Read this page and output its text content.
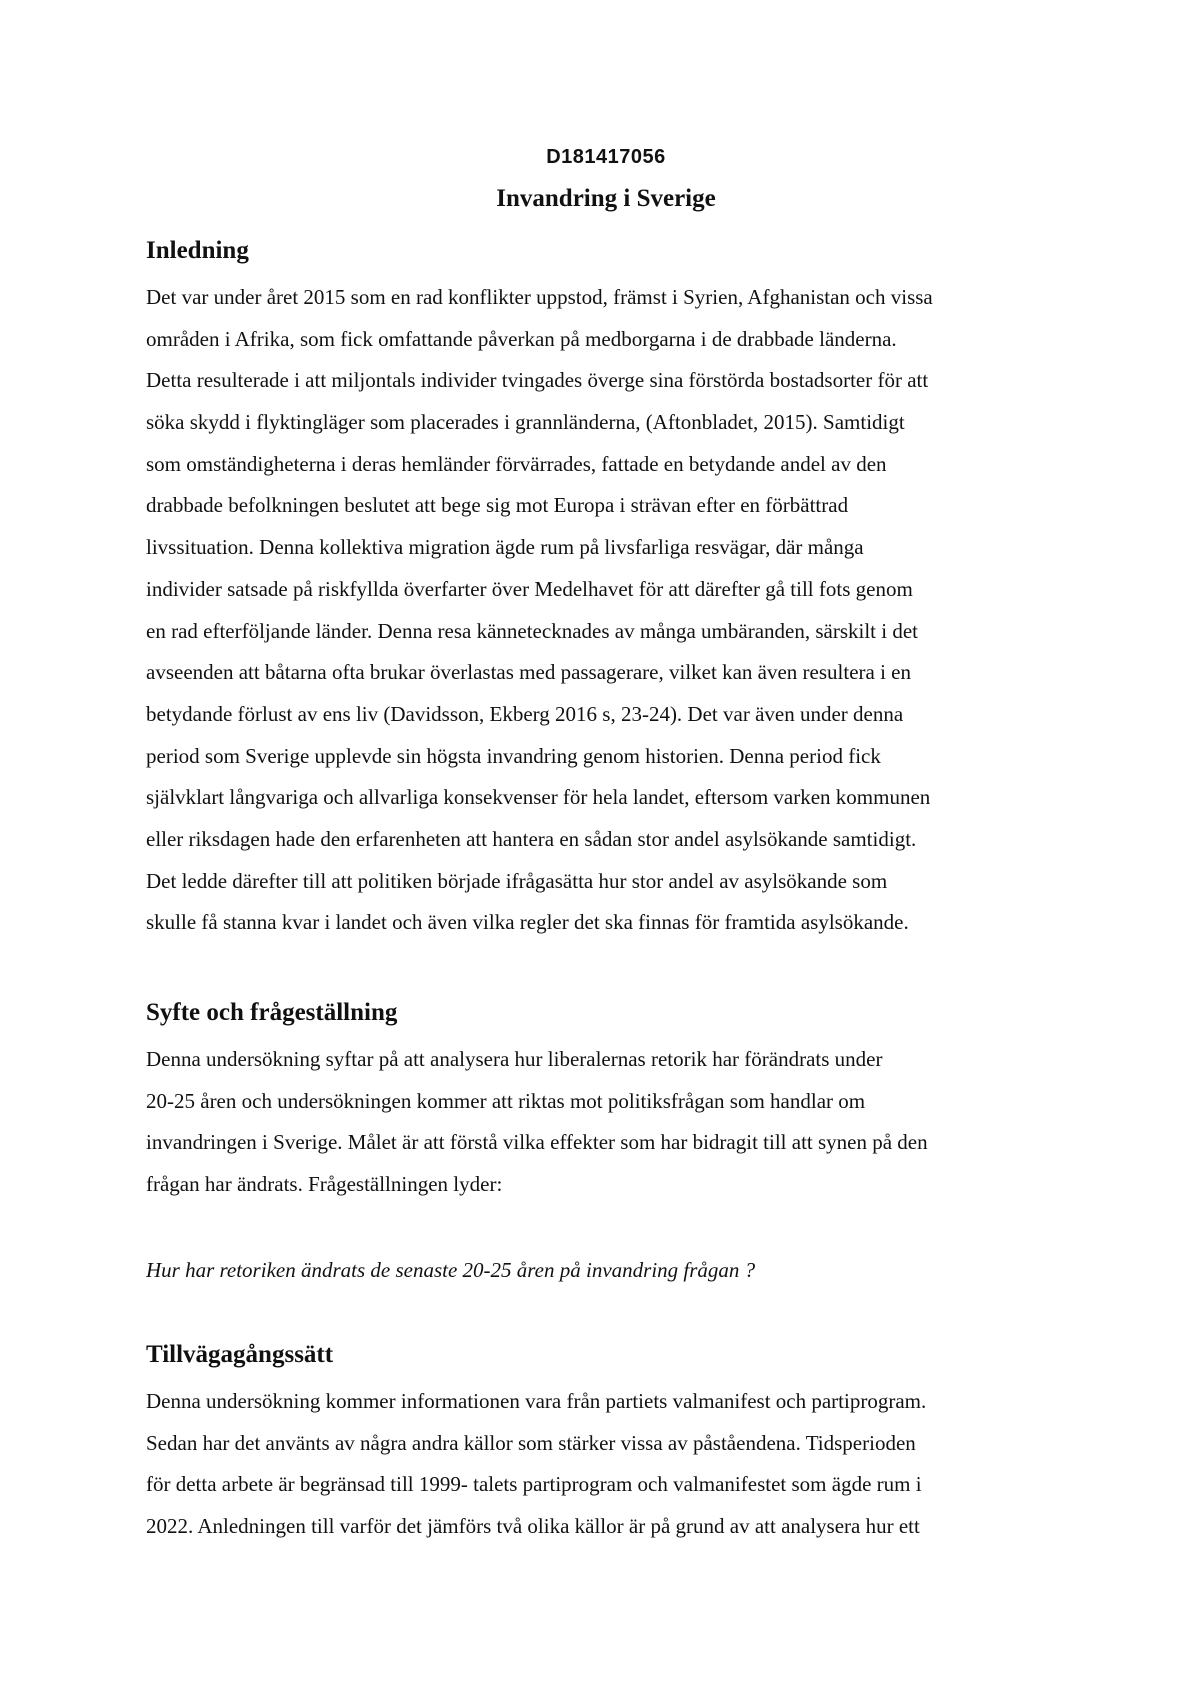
D181417056
Invandring i Sverige
Inledning
Det var under året 2015 som en rad konflikter uppstod, främst i Syrien, Afghanistan och vissa
områden i Afrika, som fick omfattande påverkan på medborgarna i de drabbade länderna.
Detta resulterade i att miljontals individer tvingades överge sina förstörda bostadsorter för att
söka skydd i flyktingläger som placerades i grannländerna, (Aftonbladet, 2015). Samtidigt
som omständigheterna i deras hemländer förvärrades, fattade en betydande andel av den
drabbade befolkningen beslutet att bege sig mot Europa i strävan efter en förbättrad
livssituation. Denna kollektiva migration ägde rum på livsfarliga resvägar, där många
individer satsade på riskfyllda överfarter över Medelhavet för att därefter gå till fots genom
en rad efterföljande länder. Denna resa kännetecknades av många umbäranden, särskilt i det
avseenden att båtarna ofta brukar överlastas med passagerare, vilket kan även resultera i en
betydande förlust av ens liv (Davidsson, Ekberg 2016 s, 23-24). Det var även under denna
period som Sverige upplevde sin högsta invandring genom historien. Denna period fick
självklart långvariga och allvarliga konsekvenser för hela landet, eftersom varken kommunen
eller riksdagen hade den erfarenheten att hantera en sådan stor andel asylsökande samtidigt.
Det ledde därefter till att politiken började ifrågasätta hur stor andel av asylsökande som
skulle få stanna kvar i landet och även vilka regler det ska finnas för framtida asylsökande.
Syfte och frågeställning
Denna undersökning syftar på att analysera hur liberalernas retorik har förändrats under
20-25 åren och undersökningen kommer att riktas mot politiksfrågan som handlar om
invandringen i Sverige. Målet är att förstå vilka effekter som har bidragit till att synen på den
frågan har ändrats. Frågeställningen lyder:
Hur har retoriken ändrats de senaste 20-25 åren på invandring frågan ?
Tillvägagångssätt
Denna undersökning kommer informationen vara från partiets valmanifest och partiprogram.
Sedan har det använts av några andra källor som stärker vissa av påståendena. Tidsperioden
för detta arbete är begränsad till 1999- talets partiprogram och valmanifestet som ägde rum i
2022. Anledningen till varför det jämförs två olika källor är på grund av att analysera hur ett
